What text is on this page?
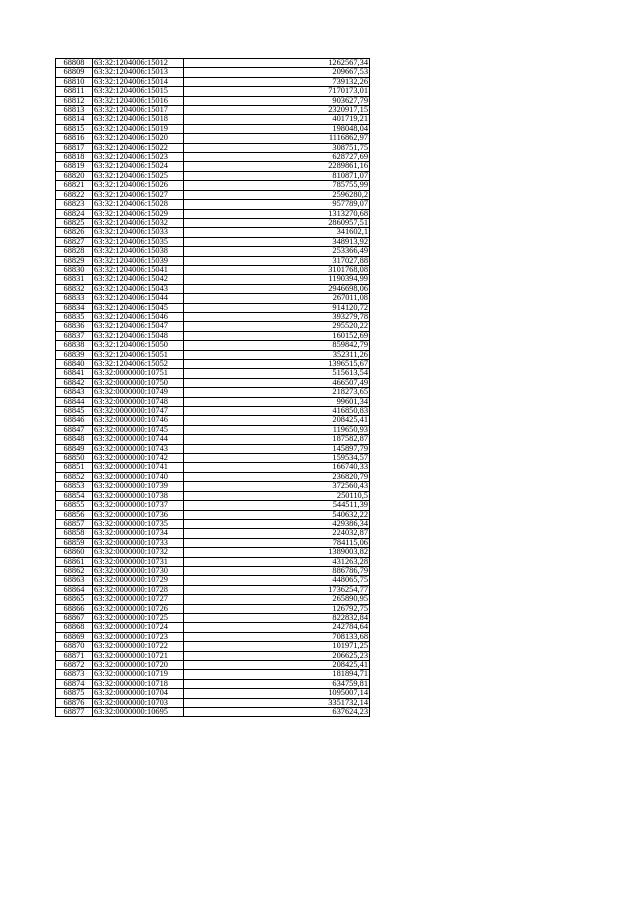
68808	63:32:1204006:15012	1262567,34
68809	63:32:1204006:15013	209667,53
68810	63:32:1204006:15014	739132,26
68811	63:32:1204006:15015	7170173,01
68812	63:32:1204006:15016	903627,79
68813	63:32:1204006:15017	2320917,15
68814	63:32:1204006:15018	401719,21
68815	63:32:1204006:15019	198048,04
68816	63:32:1204006:15020	1116862,97
68817	63:32:1204006:15022	308751,75
68818	63:32:1204006:15023	628727,69
68819	63:32:1204006:15024	2289861,16
68820	63:32:1204006:15025	810871,07
68821	63:32:1204006:15026	785755,99
68822	63:32:1204006:15027	2596280,2
68823	63:32:1204006:15028	957789,07
68824	63:32:1204006:15029	1313270,68
68825	63:32:1204006:15032	2860957,51
68826	63:32:1204006:15033	341602,1
68827	63:32:1204006:15035	348913,92
68828	63:32:1204006:15038	253366,49
68829	63:32:1204006:15039	317027,88
68830	63:32:1204006:15041	3101768,08
68831	63:32:1204006:15042	1190394,99
68832	63:32:1204006:15043	2946698,06
68833	63:32:1204006:15044	267011,08
68834	63:32:1204006:15045	914120,72
68835	63:32:1204006:15046	393279,78
68836	63:32:1204006:15047	295520,22
68837	63:32:1204006:15048	160152,69
68838	63:32:1204006:15050	859842,79
68839	63:32:1204006:15051	352311,26
68840	63:32:1204006:15052	1396515,67
68841	63:32:0000000:10751	515613,54
68842	63:32:0000000:10750	466507,49
68843	63:32:0000000:10749	218273,65
68844	63:32:0000000:10748	99601,34
68845	63:32:0000000:10747	416850,83
68846	63:32:0000000:10746	208425,41
68847	63:32:0000000:10745	119650,93
68848	63:32:0000000:10744	187582,87
68849	63:32:0000000:10743	145897,79
68850	63:32:0000000:10742	159534,57
68851	63:32:0000000:10741	166740,33
68852	63:32:0000000:10740	236820,79
68853	63:32:0000000:10739	372560,43
68854	63:32:0000000:10738	250110,5
68855	63:32:0000000:10737	544511,39
68856	63:32:0000000:10736	540632,22
68857	63:32:0000000:10735	429386,34
68858	63:32:0000000:10734	224032,87
68859	63:32:0000000:10733	784115,06
68860	63:32:0000000:10732	1389003,82
68861	63:32:0000000:10731	431263,28
68862	63:32:0000000:10730	886786,79
68863	63:32:0000000:10729	448065,75
68864	63:32:0000000:10728	1736254,77
68865	63:32:0000000:10727	265890,95
68866	63:32:0000000:10726	126792,75
68867	63:32:0000000:10725	822832,84
68868	63:32:0000000:10724	242784,64
68869	63:32:0000000:10723	708133,68
68870	63:32:0000000:10722	101971,25
68871	63:32:0000000:10721	206625,23
68872	63:32:0000000:10720	208425,41
68873	63:32:0000000:10719	181894,71
68874	63:32:0000000:10718	634759,81
68875	63:32:0000000:10704	1095007,14
68876	63:32:0000000:10703	3351732,14
68877	63:32:0000000:10695	637624,23
